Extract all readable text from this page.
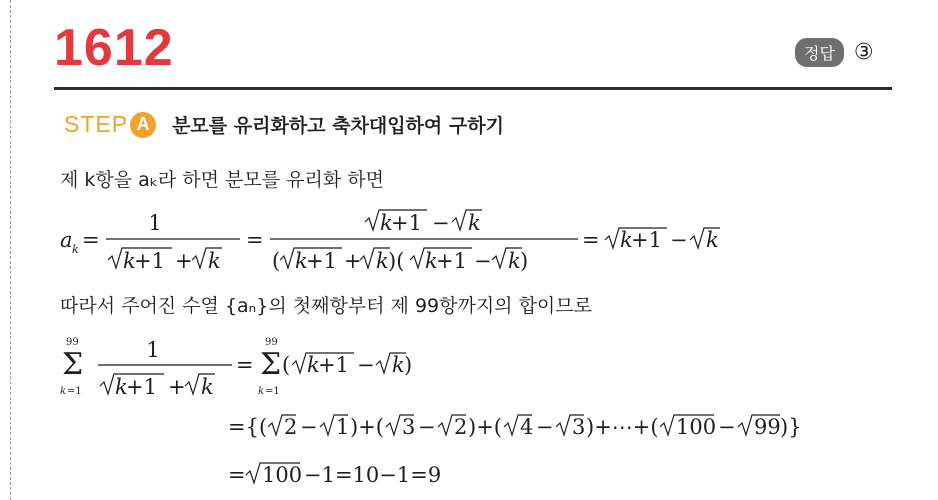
1612	정답 ③
STEP A	분모를 유리화하고 축차대입하여 구하기
제 k항을 aₖ라 하면 분모를 유리화 하면
a k =
1
k
+1 + k
=
k
+1 − k
( k
+1 + k )( k
+1 − k )
= k
+1 − k
따라서 주어진 수열 {aₙ}의 첫째항부터 제 99항까지의 합이므로
99
Σ
k =1
1
k
+1 + k
=
99
Σ
k =1
( k
+1 − k )
={( 2 − 1 )+( 3 − 2 )+( 4 − 3 )+⋯+( 100 − 99 )}
= 100 −1=10−1=9
